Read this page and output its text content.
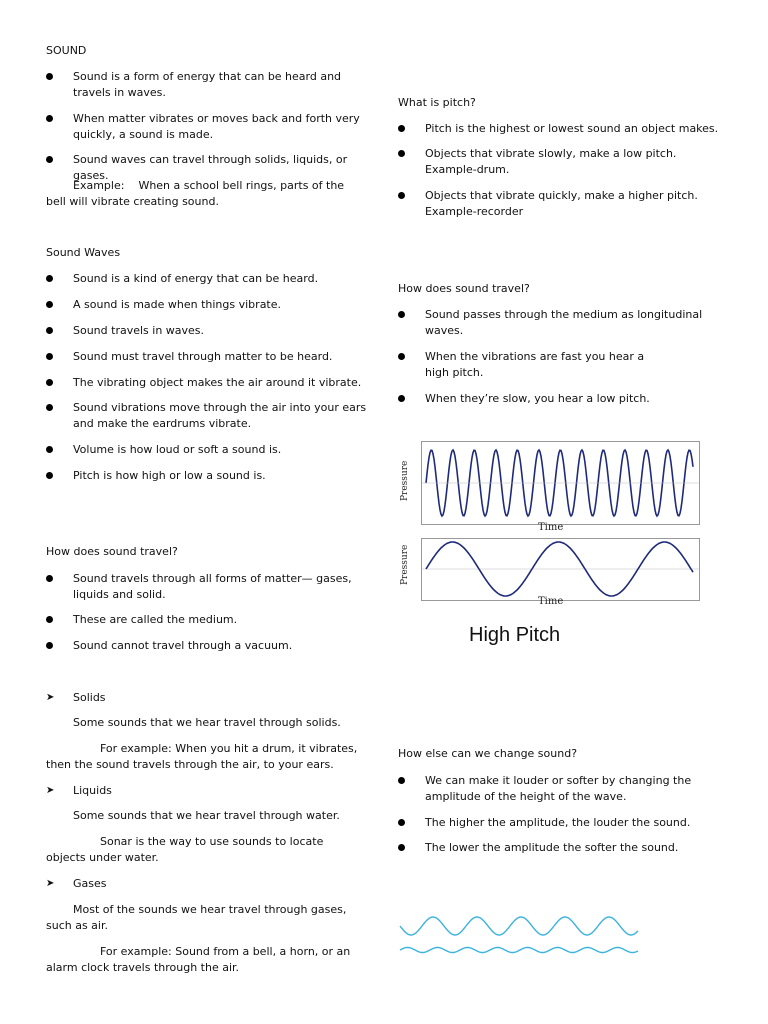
SOUND
Sound is a form of energy that can be heard and travels in waves.
When matter vibrates or moves back and forth very quickly, a sound is made.
Sound waves can travel through solids, liquids, or gases.
Example: When a school bell rings, parts of the bell will vibrate creating sound.
Sound Waves
Sound is a kind of energy that can be heard.
A sound is made when things vibrate.
Sound travels in waves.
Sound must travel through matter to be heard.
The vibrating object makes the air around it vibrate.
Sound vibrations move through the air into your ears and make the eardrums vibrate.
Volume is how loud or soft a sound is.
Pitch is how high or low a sound is.
How does sound travel?
Sound travels through all forms of matter— gases, liquids and solid.
These are called the medium.
Sound cannot travel through a vacuum.
➤ Solids
Some sounds that we hear travel through solids.
For example: When you hit a drum, it vibrates, then the sound travels through the air, to your ears.
➤ Liquids
Some sounds that we hear travel through water.
Sonar is the way to use sounds to locate objects under water.
➤ Gases
Most of the sounds we hear travel through gases, such as air.
For example: Sound from a bell, a horn, or an alarm clock travels through the air.
What is pitch?
Pitch is the highest or lowest sound an object makes.
Objects that vibrate slowly, make a low pitch. Example-drum.
Objects that vibrate quickly, make a higher pitch. Example-recorder
How does sound travel?
Sound passes through the medium as longitudinal waves.
When the vibrations are fast you hear a high pitch.
When they’re slow, you hear a low pitch.
Pressure
Time
Pressure
Time
High Pitch
How else can we change sound?
We can make it louder or softer by changing the amplitude of the height of the wave.
The higher the amplitude, the louder the sound.
The lower the amplitude the softer the sound.
